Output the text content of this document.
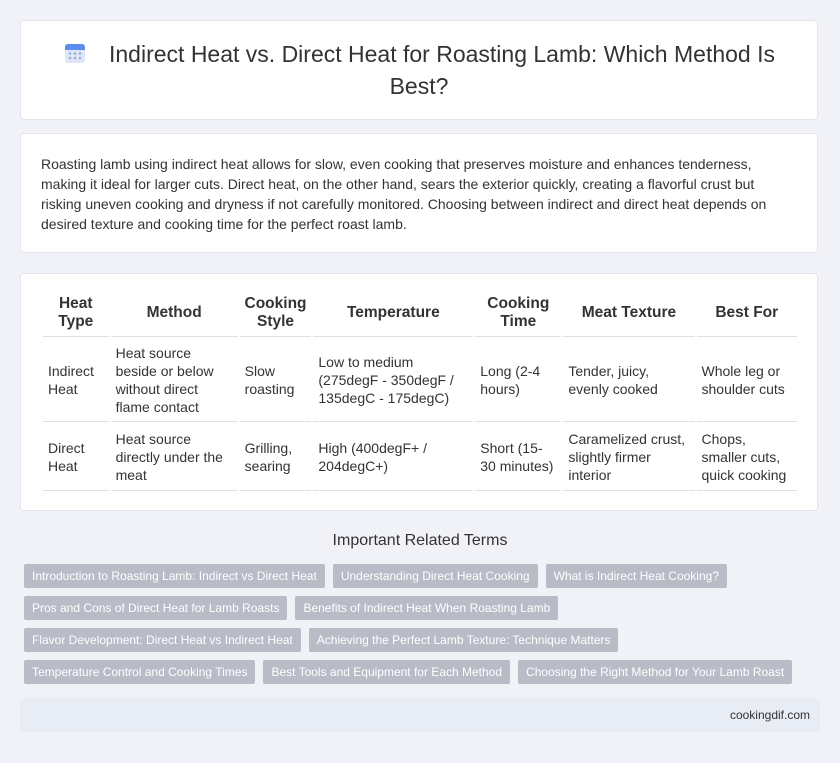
Indirect Heat vs. Direct Heat for Roasting Lamb: Which Method Is Best?
Roasting lamb using indirect heat allows for slow, even cooking that preserves moisture and enhances tenderness, making it ideal for larger cuts. Direct heat, on the other hand, sears the exterior quickly, creating a flavorful crust but risking uneven cooking and dryness if not carefully monitored. Choosing between indirect and direct heat depends on desired texture and cooking time for the perfect roast lamb.
Heat Type	Method	Cooking Style	Temperature	Cooking Time	Meat Texture	Best For
Indirect Heat	Heat source beside or below without direct flame contact	Slow roasting	Low to medium (275degF - 350degF / 135degC - 175degC)	Long (2-4 hours)	Tender, juicy, evenly cooked	Whole leg or shoulder cuts
Direct Heat	Heat source directly under the meat	Grilling, searing	High (400degF+ / 204degC+)	Short (15-30 minutes)	Caramelized crust, slightly firmer interior	Chops, smaller cuts, quick cooking
Important Related Terms
Introduction to Roasting Lamb: Indirect vs Direct Heat	Understanding Direct Heat Cooking	What is Indirect Heat Cooking?
Pros and Cons of Direct Heat for Lamb Roasts	Benefits of Indirect Heat When Roasting Lamb
Flavor Development: Direct Heat vs Indirect Heat	Achieving the Perfect Lamb Texture: Technique Matters
Temperature Control and Cooking Times	Best Tools and Equipment for Each Method	Choosing the Right Method for Your Lamb Roast
cookingdif.com
